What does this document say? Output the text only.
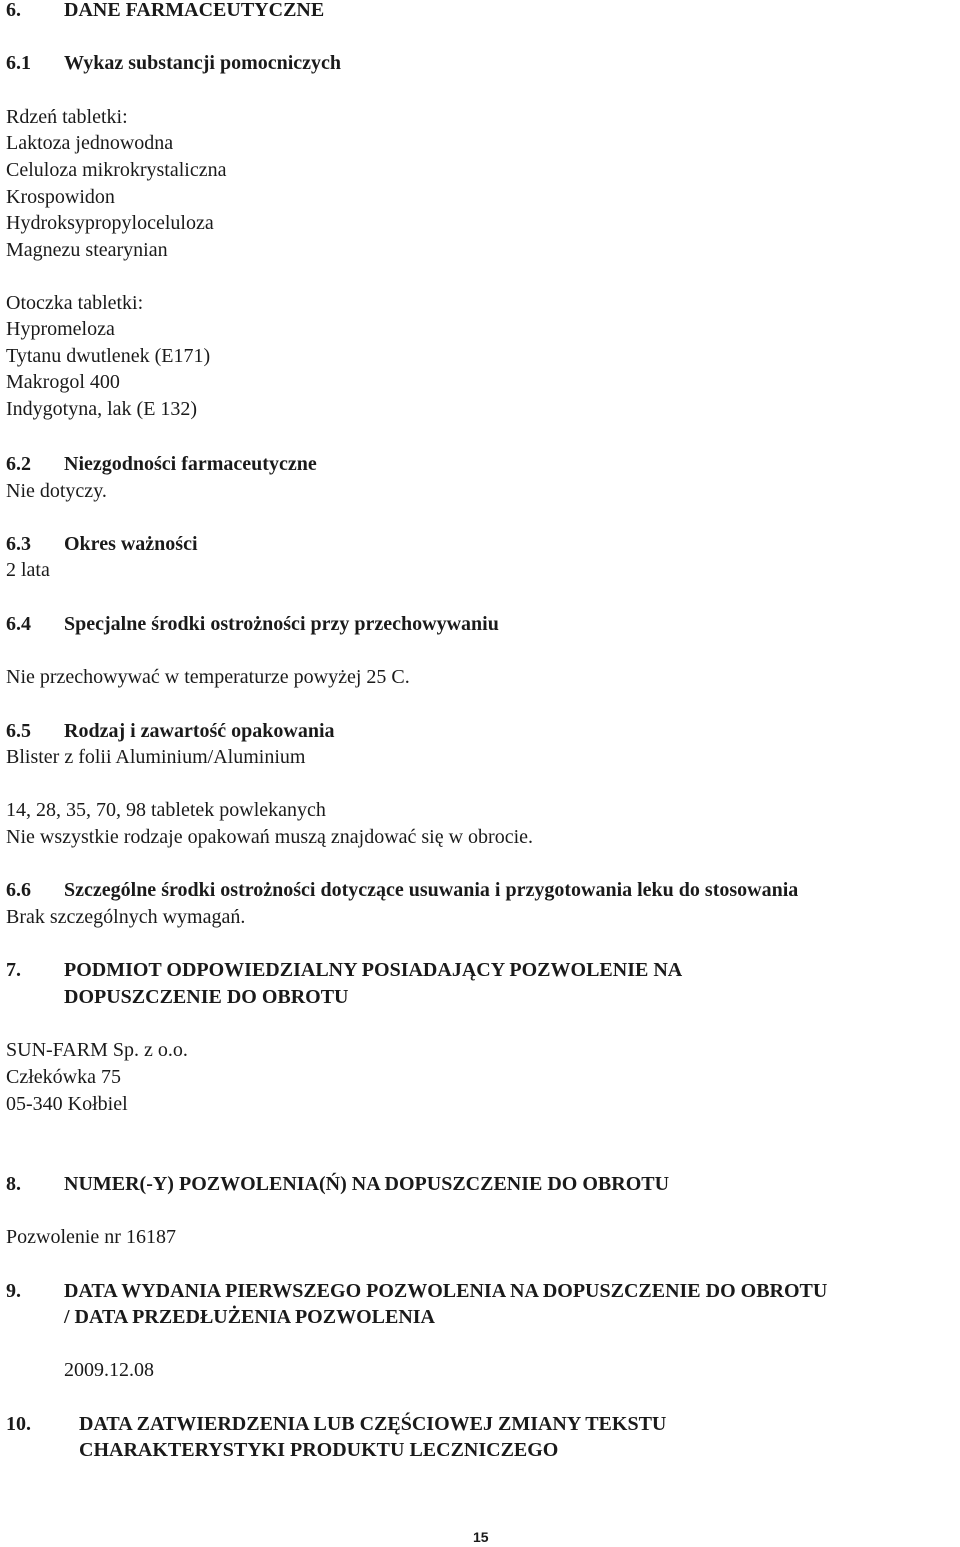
6. DANE FARMACEUTYCZNE
6.1 Wykaz substancji pomocniczych
Rdzeń tabletki:
Laktoza jednowodna
Celuloza mikrokrystaliczna
Krospowidon
Hydroksypropyloceluloza
Magnezu stearynian
Otoczka tabletki:
Hypromeloza
Tytanu dwutlenek (E171)
Makrogol 400
Indygotyna, lak (E 132)
6.2 Niezgodności farmaceutyczne
Nie dotyczy.
6.3 Okres ważności
2 lata
6.4 Specjalne środki ostrożności przy przechowywaniu
Nie przechowywać w temperaturze powyżej 25 C.
6.5 Rodzaj i zawartość opakowania
Blister z folii Aluminium/Aluminium
14, 28, 35, 70, 98 tabletek powlekanych
Nie wszystkie rodzaje opakowań muszą znajdować się w obrocie.
6.6 Szczególne środki ostrożności dotyczące usuwania i przygotowania leku do stosowania
Brak szczególnych wymagań.
7. PODMIOT ODPOWIEDZIALNY POSIADAJĄCY POZWOLENIE NA
DOPUSZCZENIE DO OBROTU
SUN-FARM Sp. z o.o.
Człekówka 75
05-340 Kołbiel
8. NUMER(-Y) POZWOLENIA(Ń) NA DOPUSZCZENIE DO OBROTU
Pozwolenie nr 16187
9. DATA WYDANIA PIERWSZEGO POZWOLENIA NA DOPUSZCZENIE DO OBROTU
/ DATA PRZEDŁUŻENIA POZWOLENIA
2009.12.08
10. DATA ZATWIERDZENIA LUB CZĘŚCIOWEJ ZMIANY TEKSTU
CHARAKTERYSTYKI PRODUKTU LECZNICZEGO
15
